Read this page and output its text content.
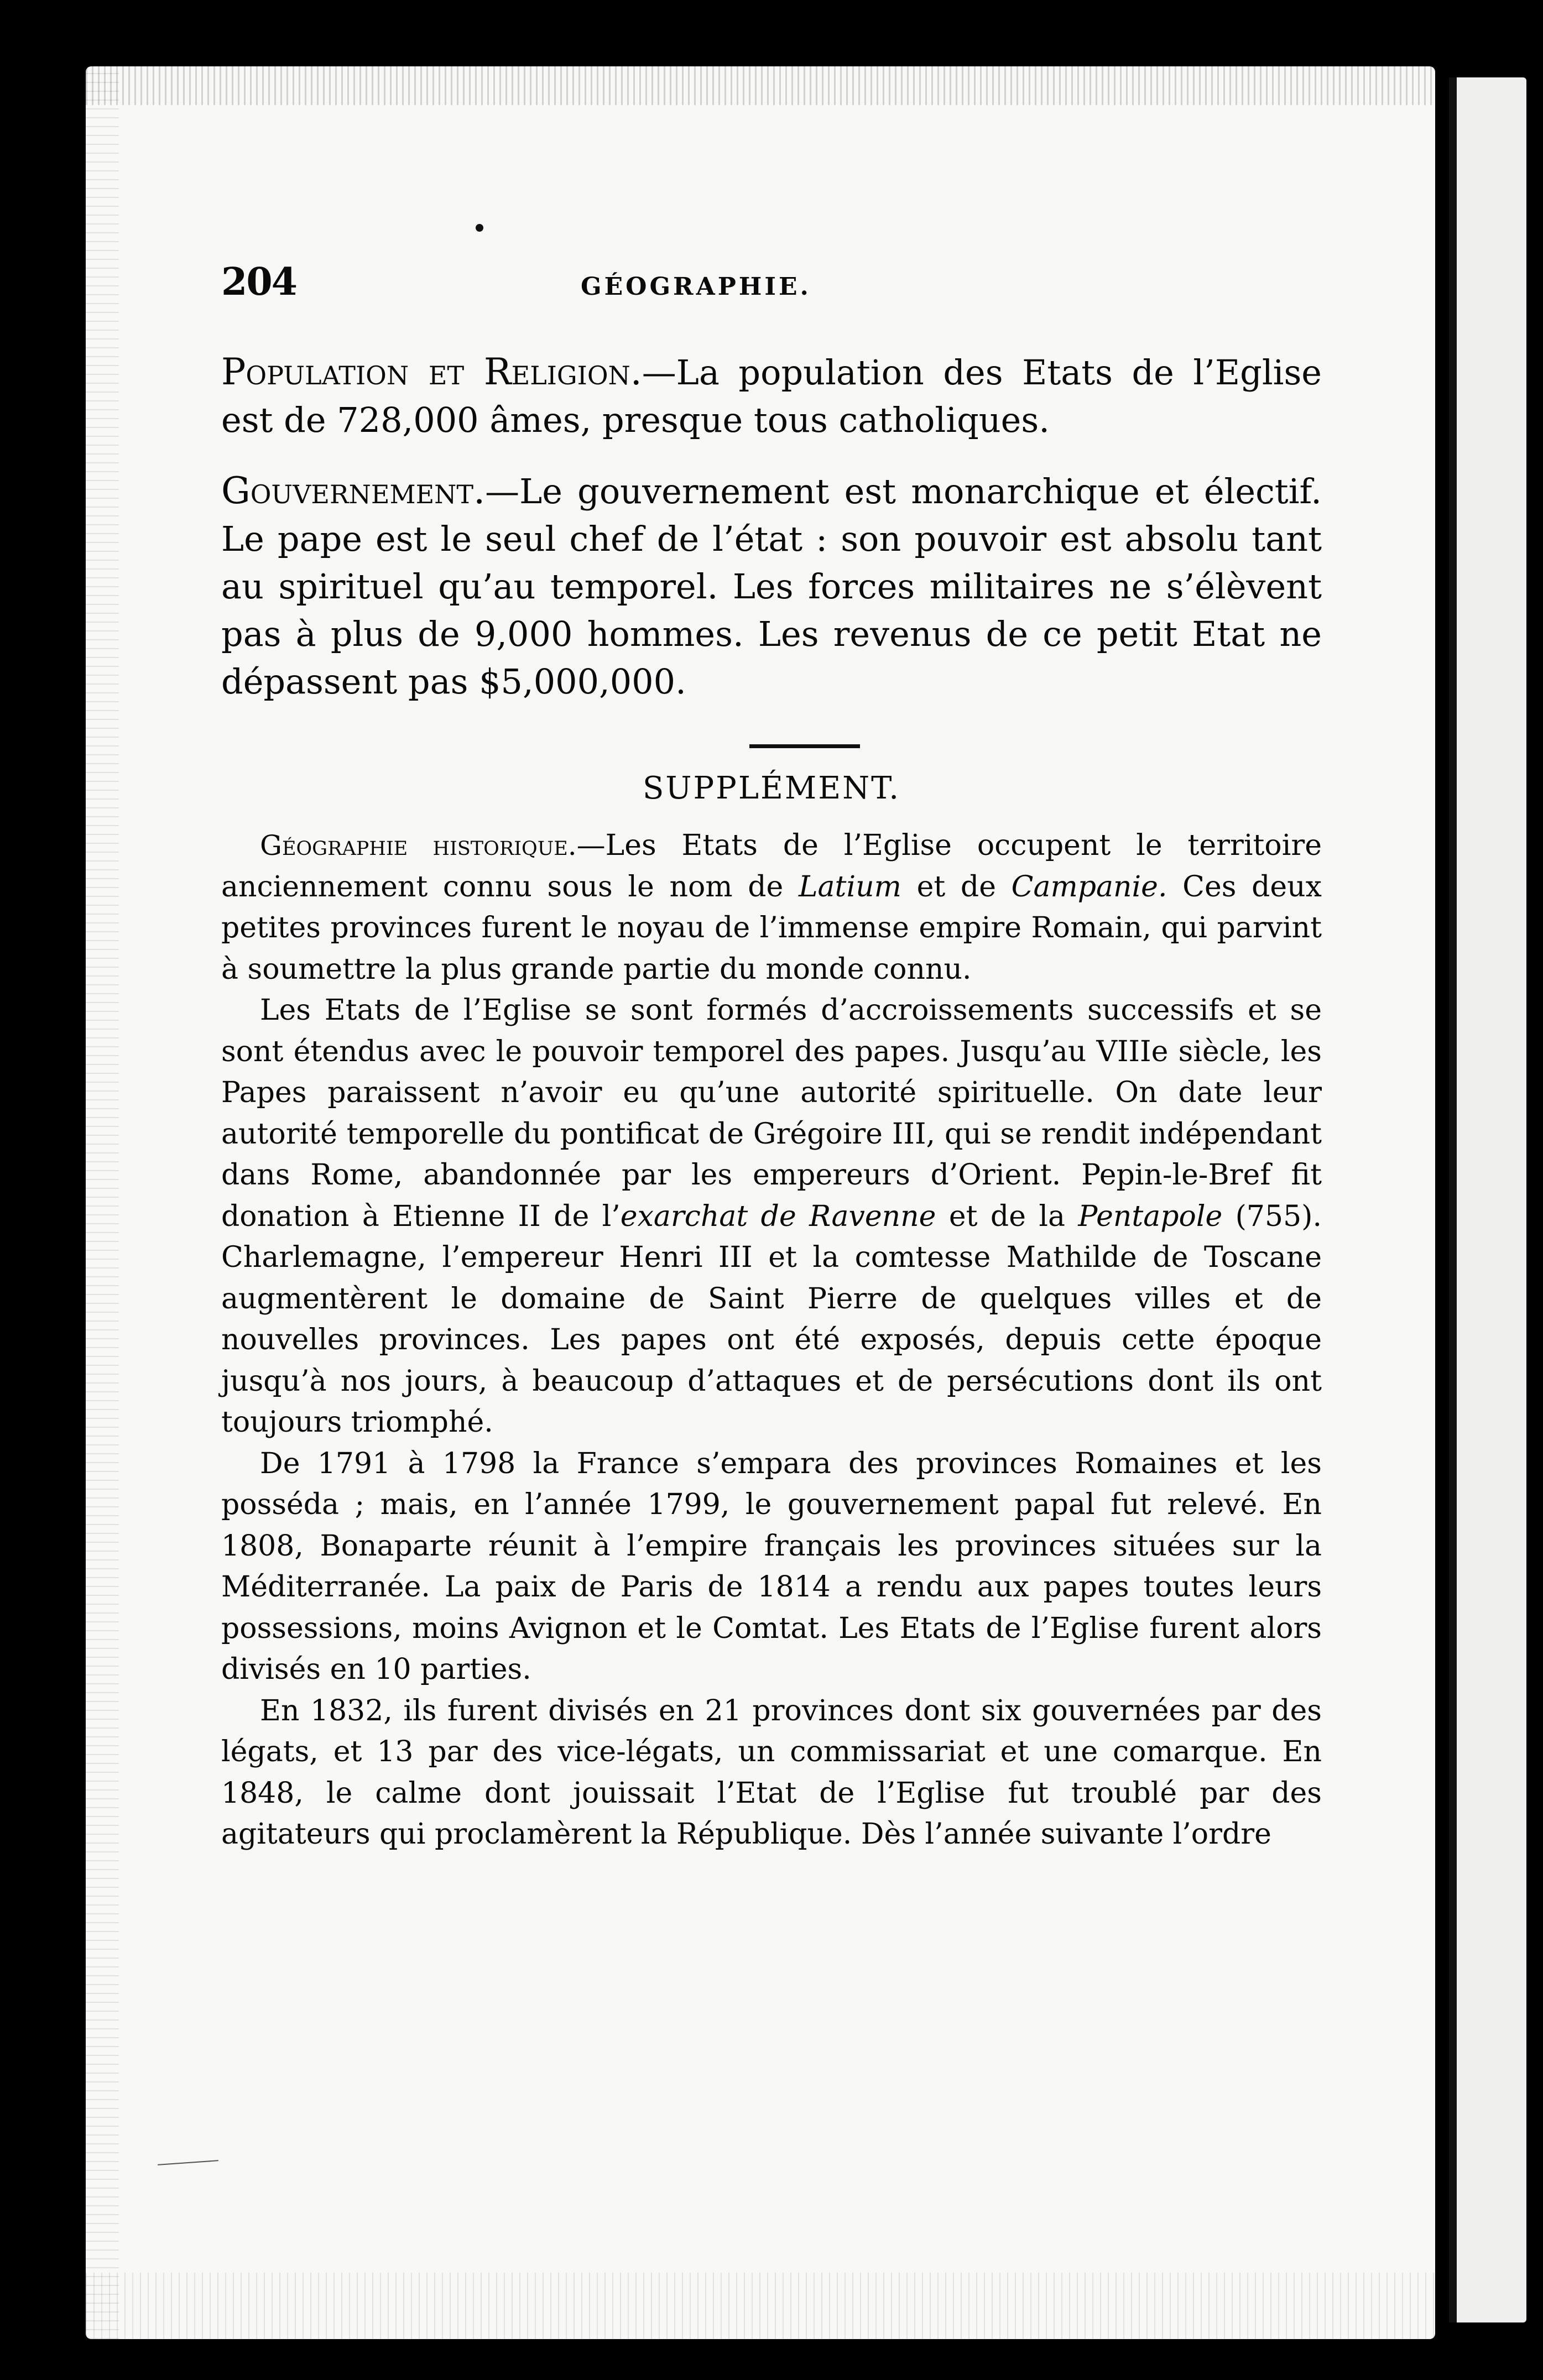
204	GÉOGRAPHIE.

Population et Religion.—La population des Etats de l’Eglise est de 728,000 âmes, presque tous catholiques.

Gouvernement.—Le gouvernement est monarchique et électif. Le pape est le seul chef de l’état : son pouvoir est absolu tant au spirituel qu’au temporel. Les forces militaires ne s’élèvent pas à plus de 9,000 hommes. Les revenus de ce petit Etat ne dépassent pas $5,000,000.

SUPPLÉMENT.

Géographie historique.—Les Etats de l’Eglise occupent le territoire anciennement connu sous le nom de Latium et de Campanie. Ces deux petites provinces furent le noyau de l’immense empire Romain, qui parvint à soumettre la plus grande partie du monde connu.

Les Etats de l’Eglise se sont formés d’accroissements successifs et se sont étendus avec le pouvoir temporel des papes. Jusqu’au VIIIe siècle, les Papes paraissent n’avoir eu qu’une autorité spirituelle. On date leur autorité temporelle du pontificat de Grégoire III, qui se rendit indépendant dans Rome, abandonnée par les empereurs d’Orient. Pepin-le-Bref fit donation à Etienne II de l’exarchat de Ravenne et de la Pentapole (755). Charlemagne, l’empereur Henri III et la comtesse Mathilde de Toscane augmentèrent le domaine de Saint Pierre de quelques villes et de nouvelles provinces. Les papes ont été exposés, depuis cette époque jusqu’à nos jours, à beaucoup d’attaques et de persécutions dont ils ont toujours triomphé.

De 1791 à 1798 la France s’empara des provinces Romaines et les posséda ; mais, en l’année 1799, le gouvernement papal fut relevé. En 1808, Bonaparte réunit à l’empire français les provinces situées sur la Méditerranée. La paix de Paris de 1814 a rendu aux papes toutes leurs possessions, moins Avignon et le Comtat. Les Etats de l’Eglise furent alors divisés en 10 parties.

En 1832, ils furent divisés en 21 provinces dont six gouvernées par des légats, et 13 par des vice-légats, un commissariat et une comarque. En 1848, le calme dont jouissait l’Etat de l’Eglise fut troublé par des agitateurs qui proclamèrent la République. Dès l’année suivante l’ordre
